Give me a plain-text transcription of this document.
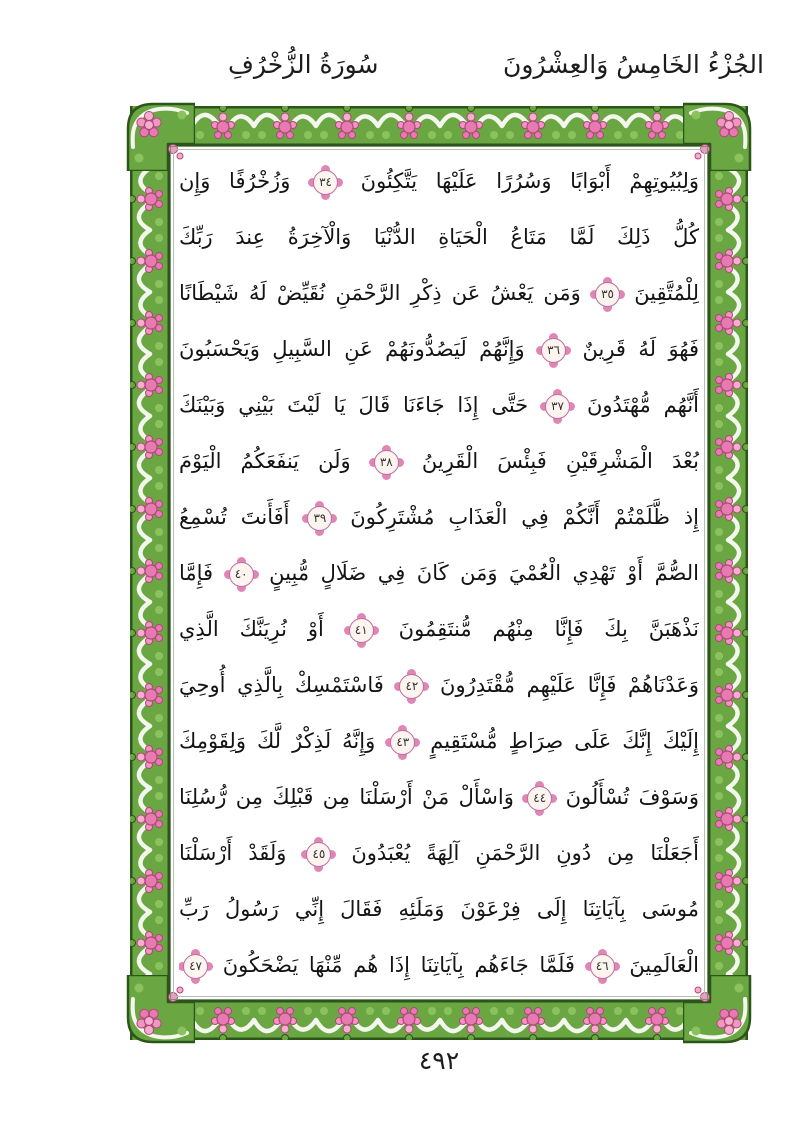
الجُزْءُ الخَامِسُ وَالعِشْرُونَ
سُورَةُ الزُّخْرُفِ
وَلِبُيُوتِهِمْ أَبْوَابًا وَسُرُرًا عَلَيْهَا يَتَّكِئُونَ ٣٤ وَزُخْرُفًا وَإِن
كُلُّ ذَلِكَ لَمَّا مَتَاعُ الْحَيَاةِ الدُّنْيَا وَالْآخِرَةُ عِندَ رَبِّكَ
لِلْمُتَّقِينَ ٣٥ وَمَن يَعْشُ عَن ذِكْرِ الرَّحْمَنِ نُقَيِّضْ لَهُ شَيْطَانًا
فَهُوَ لَهُ قَرِينٌ ٣٦ وَإِنَّهُمْ لَيَصُدُّونَهُمْ عَنِ السَّبِيلِ وَيَحْسَبُونَ
أَنَّهُم مُّهْتَدُونَ ٣٧ حَتَّى إِذَا جَاءَنَا قَالَ يَا لَيْتَ بَيْنِي وَبَيْنَكَ
بُعْدَ الْمَشْرِقَيْنِ فَبِئْسَ الْقَرِينُ ٣٨ وَلَن يَنفَعَكُمُ الْيَوْمَ
إِذ ظَّلَمْتُمْ أَنَّكُمْ فِي الْعَذَابِ مُشْتَرِكُونَ ٣٩ أَفَأَنتَ تُسْمِعُ
الصُّمَّ أَوْ تَهْدِي الْعُمْيَ وَمَن كَانَ فِي ضَلَالٍ مُّبِينٍ ٤٠ فَإِمَّا
نَذْهَبَنَّ بِكَ فَإِنَّا مِنْهُم مُّنتَقِمُونَ ٤١ أَوْ نُرِيَنَّكَ الَّذِي
وَعَدْنَاهُمْ فَإِنَّا عَلَيْهِم مُّقْتَدِرُونَ ٤٢ فَاسْتَمْسِكْ بِالَّذِي أُوحِيَ
إِلَيْكَ إِنَّكَ عَلَى صِرَاطٍ مُّسْتَقِيمٍ ٤٣ وَإِنَّهُ لَذِكْرٌ لَّكَ وَلِقَوْمِكَ
وَسَوْفَ تُسْأَلُونَ ٤٤ وَاسْأَلْ مَنْ أَرْسَلْنَا مِن قَبْلِكَ مِن رُّسُلِنَا
أَجَعَلْنَا مِن دُونِ الرَّحْمَنِ آلِهَةً يُعْبَدُونَ ٤٥ وَلَقَدْ أَرْسَلْنَا
مُوسَى بِآيَاتِنَا إِلَى فِرْعَوْنَ وَمَلَئِهِ فَقَالَ إِنِّي رَسُولُ رَبِّ
الْعَالَمِينَ ٤٦ فَلَمَّا جَاءَهُم بِآيَاتِنَا إِذَا هُم مِّنْهَا يَضْحَكُونَ ٤٧
٤٩٢
